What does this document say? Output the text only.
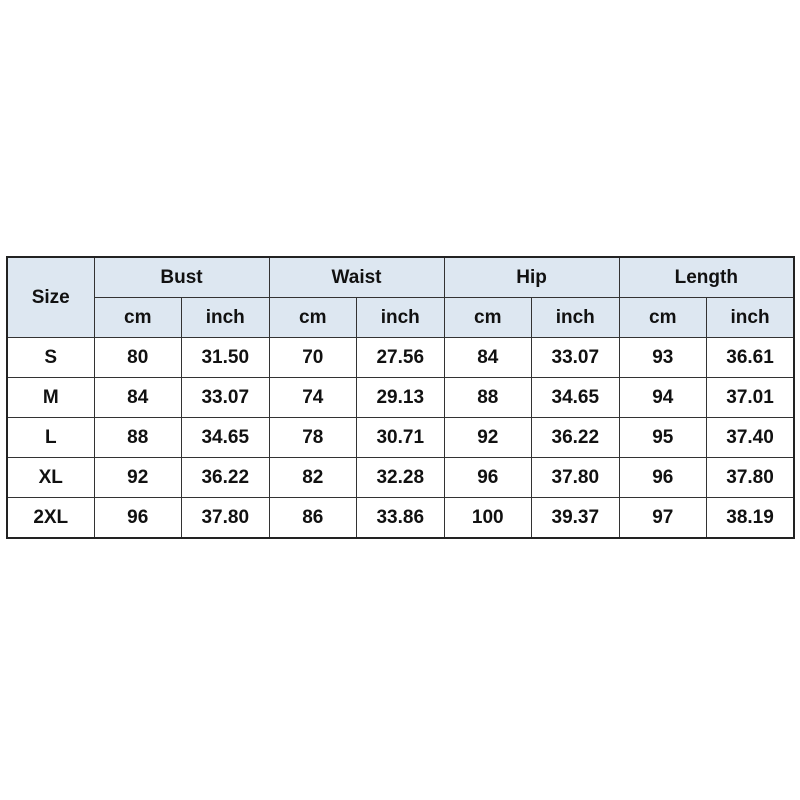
Size	Bust		Waist		Hip		Length	
	cm	inch	cm	inch	cm	inch	cm	inch
S	80	31.50	70	27.56	84	33.07	93	36.61
M	84	33.07	74	29.13	88	34.65	94	37.01
L	88	34.65	78	30.71	92	36.22	95	37.40
XL	92	36.22	82	32.28	96	37.80	96	37.80
2XL	96	37.80	86	33.86	100	39.37	97	38.19
